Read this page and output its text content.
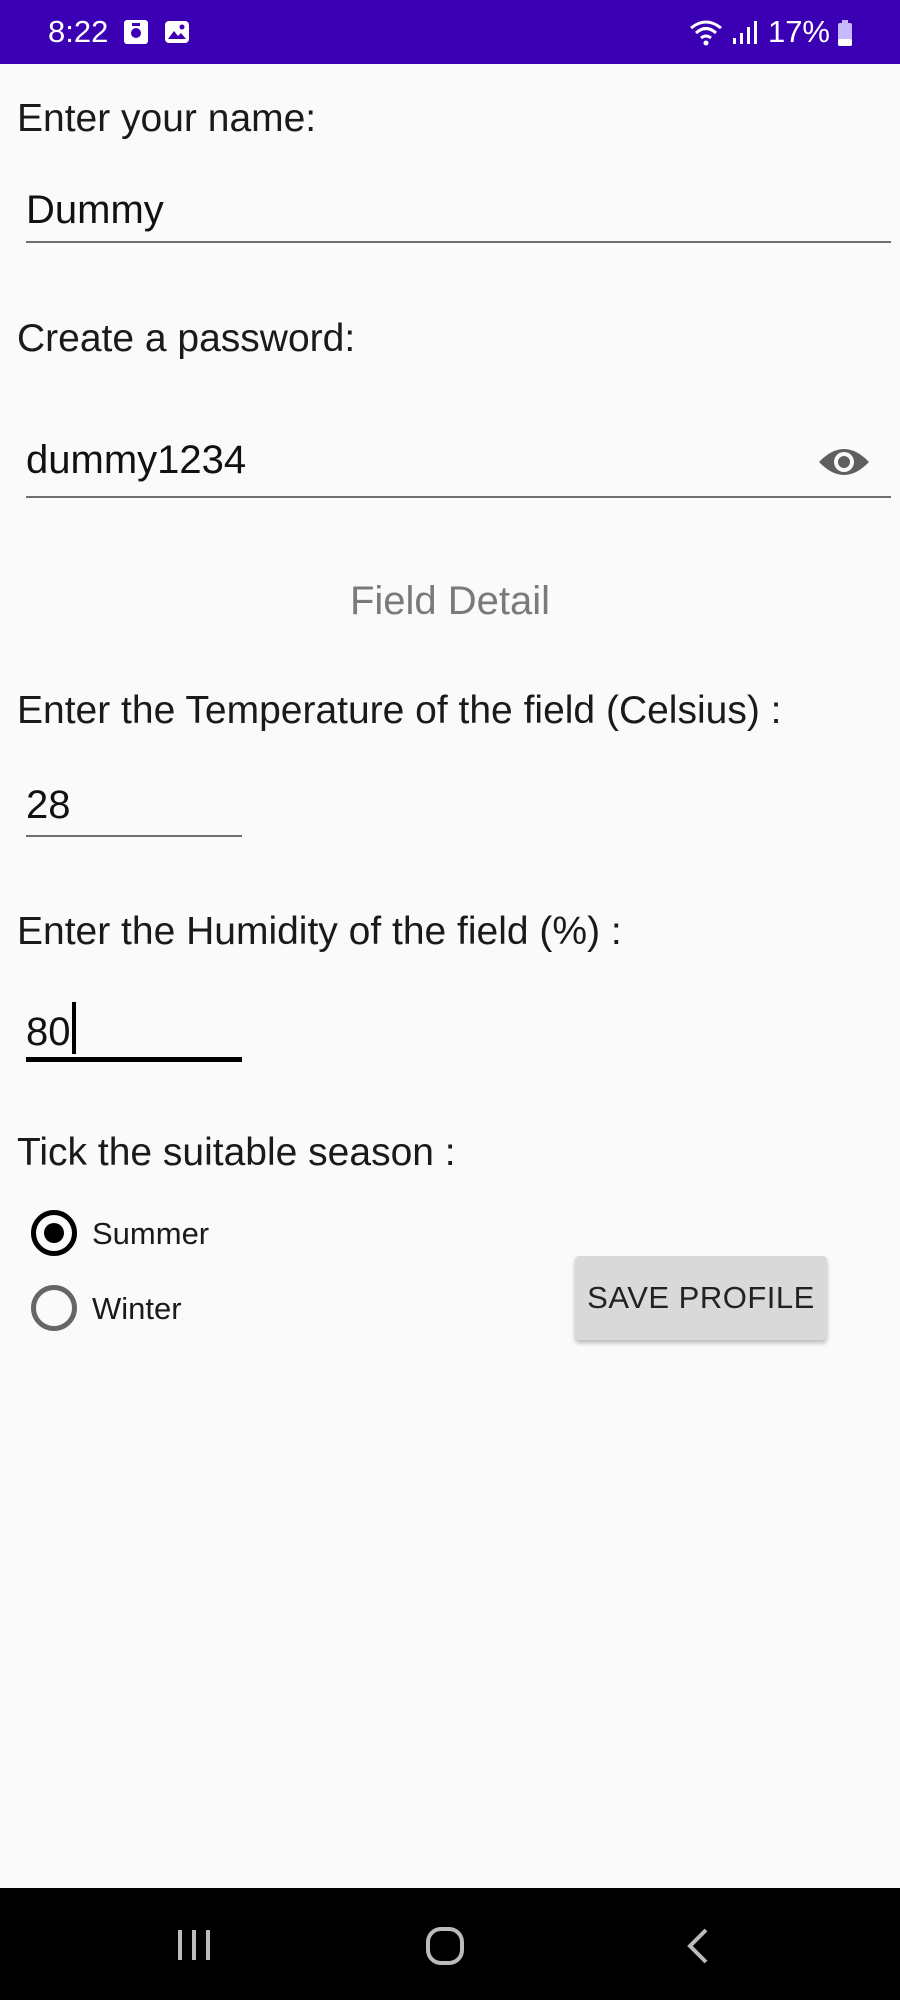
8:22	17%
Enter your name:
Dummy
Create a password:
dummy1234
Field Detail
Enter the Temperature of the field (Celsius) :
28
Enter the Humidity of the field (%) :
80
Tick the suitable season :
Summer
Winter	SAVE PROFILE
